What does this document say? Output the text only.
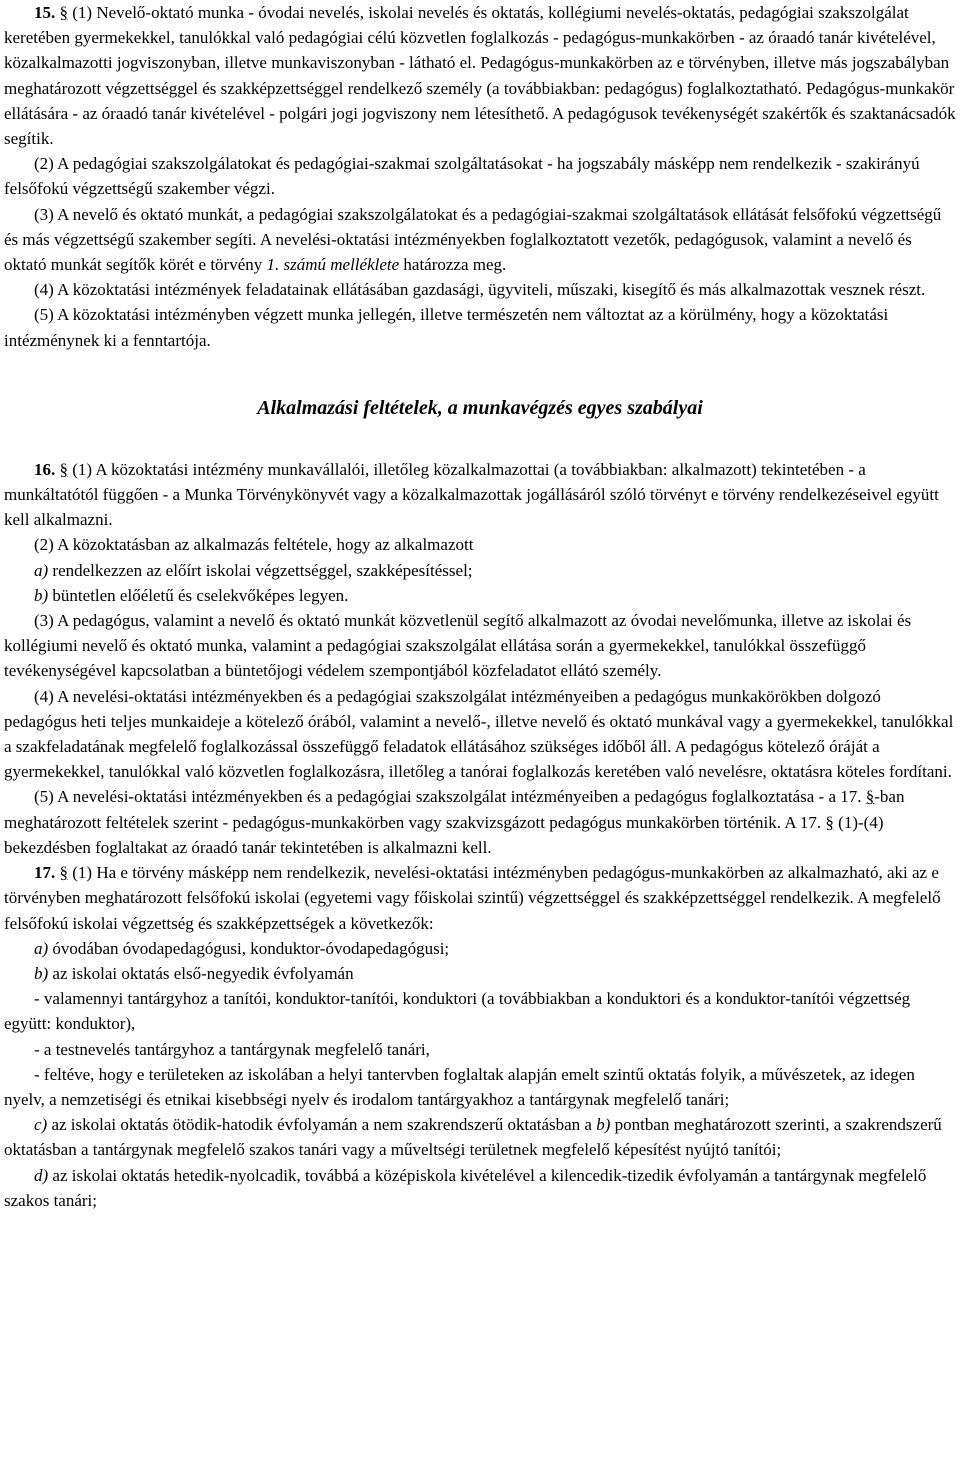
15. § (1) Nevelő-oktató munka - óvodai nevelés, iskolai nevelés és oktatás, kollégiumi nevelés-oktatás, pedagógiai szakszolgálat keretében gyermekekkel, tanulókkal való pedagógiai célú közvetlen foglalkozás - pedagógus-munkakörben - az óraadó tanár kivételével, közalkalmazotti jogviszonyban, illetve munkaviszonyban - látható el. Pedagógus-munkakörben az e törvényben, illetve más jogszabályban meghatározott végzettséggel és szakképzettséggel rendelkező személy (a továbbiakban: pedagógus) foglalkoztatható. Pedagógus-munkakör ellátására - az óraadó tanár kivételével - polgári jogi jogviszony nem létesíthető. A pedagógusok tevékenységét szakértők és szaktanácsadók segítik.

(2) A pedagógiai szakszolgálatokat és pedagógiai-szakmai szolgáltatásokat - ha jogszabály másképp nem rendelkezik - szakirányú felsőfokú végzettségű szakember végzi.

(3) A nevelő és oktató munkát, a pedagógiai szakszolgálatokat és a pedagógiai-szakmai szolgáltatások ellátását felsőfokú végzettségű és más végzettségű szakember segíti. A nevelési-oktatási intézményekben foglalkoztatott vezetők, pedagógusok, valamint a nevelő és oktató munkát segítők körét e törvény 1. számú melléklete határozza meg.

(4) A közoktatási intézmények feladatainak ellátásában gazdasági, ügyviteli, műszaki, kisegítő és más alkalmazottak vesznek részt.

(5) A közoktatási intézményben végzett munka jellegén, illetve természetén nem változtat az a körülmény, hogy a közoktatási intézménynek ki a fenntartója.

Alkalmazási feltételek, a munkavégzés egyes szabályai

16. § (1) A közoktatási intézmény munkavállalói, illetőleg közalkalmazottai (a továbbiakban: alkalmazott) tekintetében - a munkáltatótól függően - a Munka Törvénykönyvét vagy a közalkalmazottak jogállásáról szóló törvényt e törvény rendelkezéseivel együtt kell alkalmazni.

(2) A közoktatásban az alkalmazás feltétele, hogy az alkalmazott

a) rendelkezzen az előírt iskolai végzettséggel, szakképesítéssel;

b) büntetlen előéletű és cselekvőképes legyen.

(3) A pedagógus, valamint a nevelő és oktató munkát közvetlenül segítő alkalmazott az óvodai nevelőmunka, illetve az iskolai és kollégiumi nevelő és oktató munka, valamint a pedagógiai szakszolgálat ellátása során a gyermekekkel, tanulókkal összefüggő tevékenységével kapcsolatban a büntetőjogi védelem szempontjából közfeladatot ellátó személy.

(4) A nevelési-oktatási intézményekben és a pedagógiai szakszolgálat intézményeiben a pedagógus munkakörökben dolgozó pedagógus heti teljes munkaideje a kötelező órából, valamint a nevelő-, illetve nevelő és oktató munkával vagy a gyermekekkel, tanulókkal a szakfeladatának megfelelő foglalkozással összefüggő feladatok ellátásához szükséges időből áll. A pedagógus kötelező óráját a gyermekekkel, tanulókkal való közvetlen foglalkozásra, illetőleg a tanórai foglalkozás keretében való nevelésre, oktatásra köteles fordítani.

(5) A nevelési-oktatási intézményekben és a pedagógiai szakszolgálat intézményeiben a pedagógus foglalkoztatása - a 17. §-ban meghatározott feltételek szerint - pedagógus-munkakörben vagy szakvizsgázott pedagógus munkakörben történik. A 17. § (1)-(4) bekezdésben foglaltakat az óraadó tanár tekintetében is alkalmazni kell.

17. § (1) Ha e törvény másképp nem rendelkezik, nevelési-oktatási intézményben pedagógus-munkakörben az alkalmazható, aki az e törvényben meghatározott felsőfokú iskolai (egyetemi vagy főiskolai szintű) végzettséggel és szakképzettséggel rendelkezik. A megfelelő felsőfokú iskolai végzettség és szakképzettségek a következők:

a) óvodában óvodapedagógusi, konduktor-óvodapedagógusi;

b) az iskolai oktatás első-negyedik évfolyamán

- valamennyi tantárgyhoz a tanítói, konduktor-tanítói, konduktori (a továbbiakban a konduktori és a konduktor-tanítói végzettség együtt: konduktor),

- a testnevelés tantárgyhoz a tantárgynak megfelelő tanári,

- feltéve, hogy e területeken az iskolában a helyi tantervben foglaltak alapján emelt szintű oktatás folyik, a művészetek, az idegen nyelv, a nemzetiségi és etnikai kisebbségi nyelv és irodalom tantárgyakhoz a tantárgynak megfelelő tanári;

c) az iskolai oktatás ötödik-hatodik évfolyamán a nem szakrendszerű oktatásban a b) pontban meghatározott szerinti, a szakrendszerű oktatásban a tantárgynak megfelelő szakos tanári vagy a műveltségi területnek megfelelő képesítést nyújtó tanítói;

d) az iskolai oktatás hetedik-nyolcadik, továbbá a középiskola kivételével a kilencedik-tizedik évfolyamán a tantárgynak megfelelő szakos tanári;
